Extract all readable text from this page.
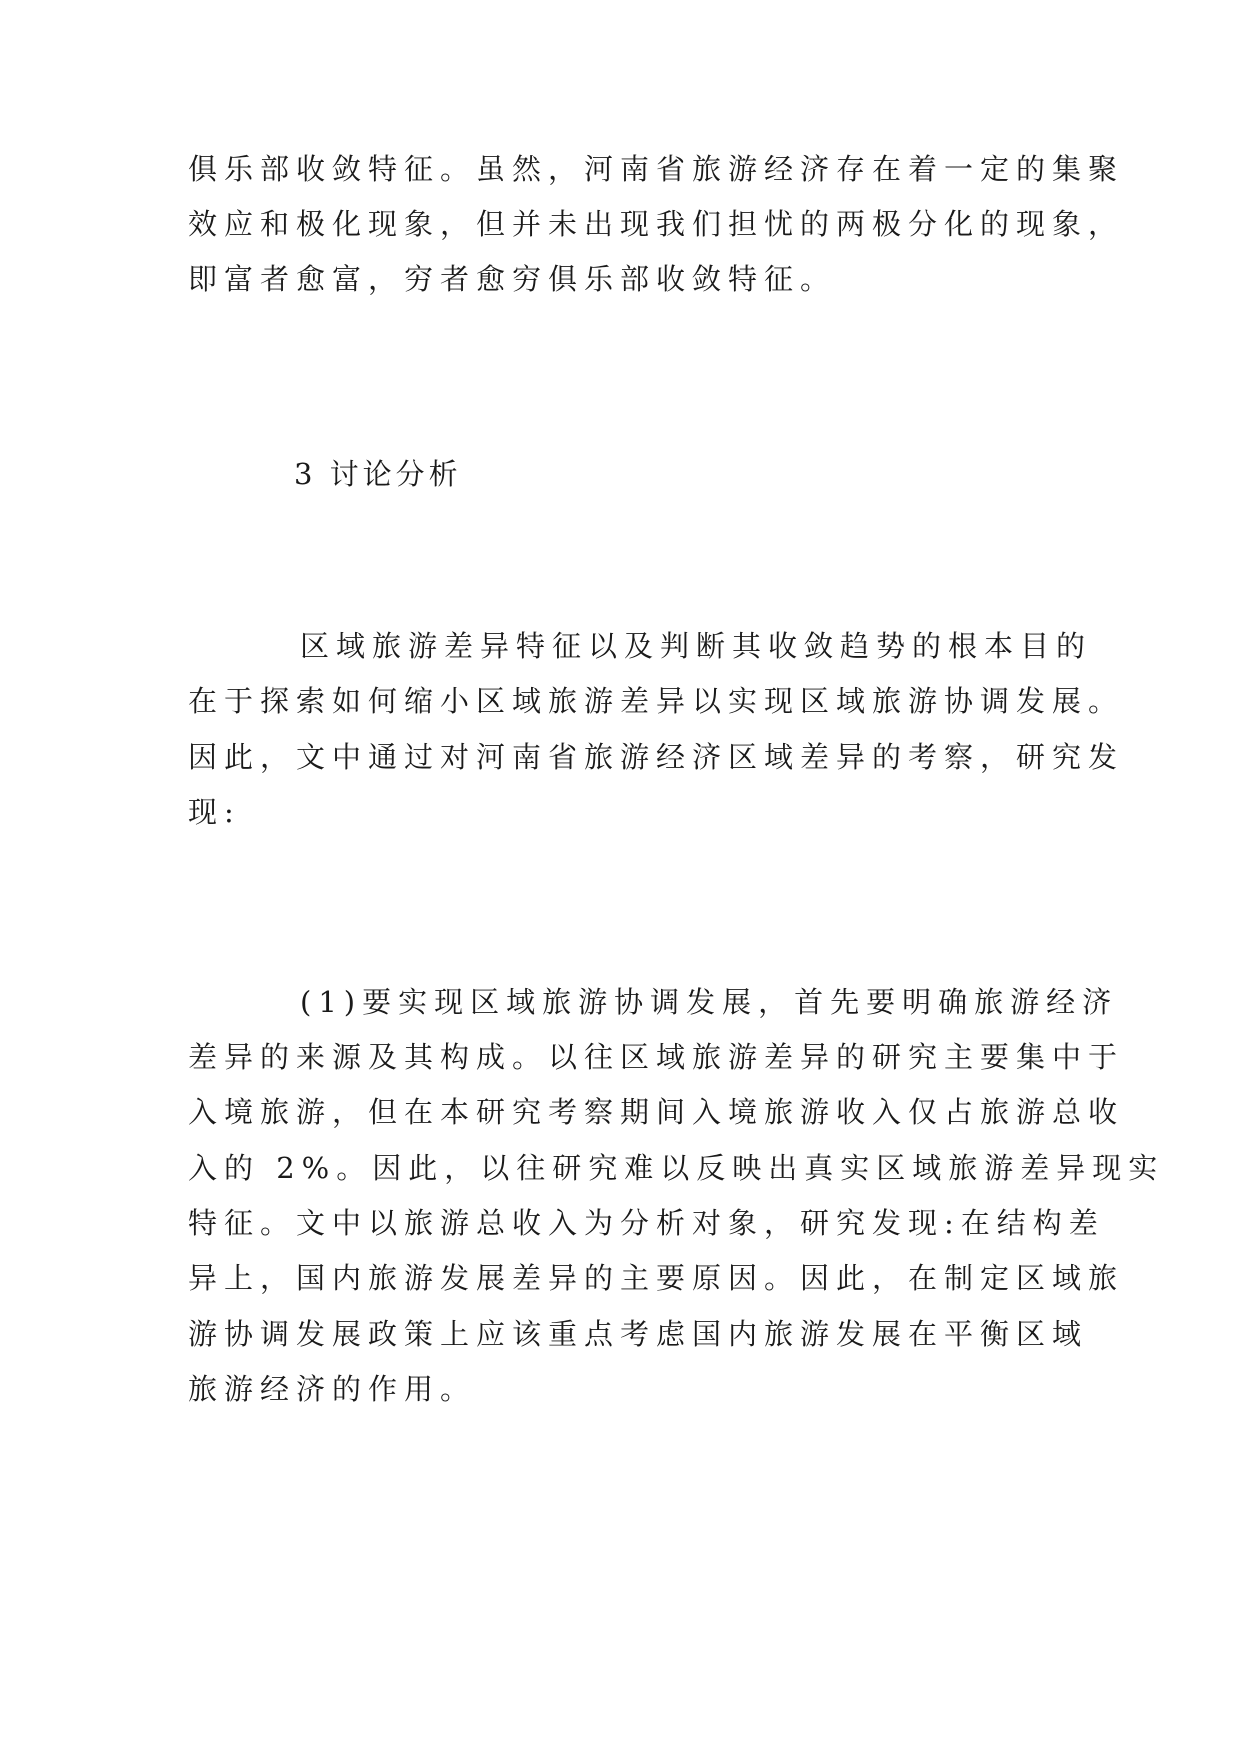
俱乐部收敛特征。虽然，河南省旅游经济存在着一定的集聚
效应和极化现象，但并未出现我们担忧的两极分化的现象，
即富者愈富，穷者愈穷俱乐部收敛特征。
3 讨论分析
区域旅游差异特征以及判断其收敛趋势的根本目的
在于探索如何缩小区域旅游差异以实现区域旅游协调发展。
因此，文中通过对河南省旅游经济区域差异的考察，研究发
现:
(1)要实现区域旅游协调发展，首先要明确旅游经济
差异的来源及其构成。以往区域旅游差异的研究主要集中于
入境旅游，但在本研究考察期间入境旅游收入仅占旅游总收
入的 2%。因此，以往研究难以反映出真实区域旅游差异现实
特征。文中以旅游总收入为分析对象，研究发现:在结构差
异上，国内旅游发展差异的主要原因。因此，在制定区域旅
游协调发展政策上应该重点考虑国内旅游发展在平衡区域
旅游经济的作用。
